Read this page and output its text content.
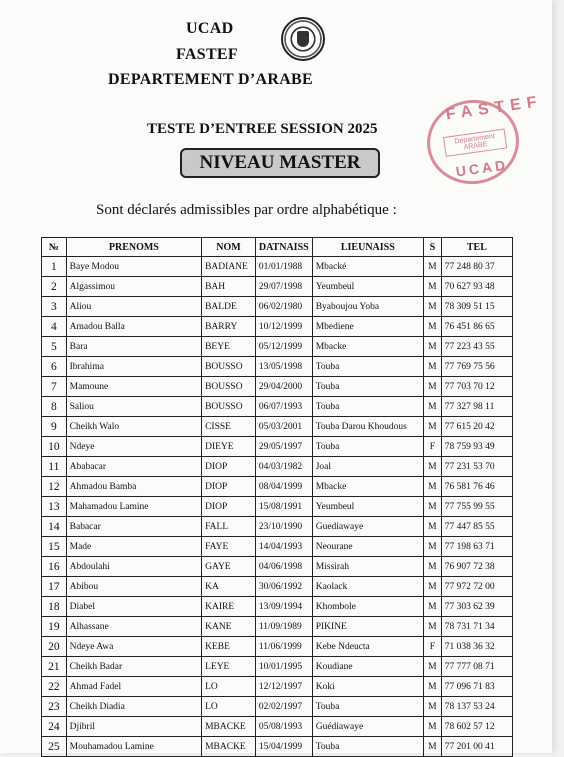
UCAD
FASTEF
DEPARTEMENT D’ARABE
TESTE D’ENTREE SESSION 2025
NIVEAU MASTER
FASTEF
Département ARABE
UCAD
Sont déclarés admissibles par ordre alphabétique :
№	PRENOMS	NOM	DATNAISS	LIEUNAISS	S	TEL
1	Baye Modou	BADIANE	01/01/1988	Mbacké	M	77 248 80 37
2	Algassimou	BAH	29/07/1998	Yeumbeul	M	70 627 93 48
3	Aliou	BALDE	06/02/1980	Byaboujou Yoba	M	78 309 51 15
4	Amadou Balla	BARRY	10/12/1999	Mbediene	M	76 451 86 65
5	Bara	BEYE	05/12/1999	Mbacke	M	77 223 43 55
6	Ibrahima	BOUSSO	13/05/1998	Touba	M	77 769 75 56
7	Mamoune	BOUSSO	29/04/2000	Touba	M	77 703 70 12
8	Saliou	BOUSSO	06/07/1993	Touba	M	77 327 98 11
9	Cheikh Walo	CISSE	05/03/2001	Touba Darou Khoudous	M	77 615 20 42
10	Ndeye	DIEYE	29/05/1997	Touba	F	78 759 93 49
11	Ababacar	DIOP	04/03/1982	Joal	M	77 231 53 70
12	Ahmadou Bamba	DIOP	08/04/1999	Mbacke	M	76 581 76 46
13	Mahamadou Lamine	DIOP	15/08/1991	Yeumbeul	M	77 755 99 55
14	Babacar	FALL	23/10/1990	Guediawaye	M	77 447 85 55
15	Made	FAYE	14/04/1993	Neourane	M	77 198 63 71
16	Abdoulahi	GAYE	04/06/1998	Missirah	M	76 907 72 38
17	Abibou	KA	30/06/1992	Kaolack	M	77 972 72 00
18	Diabel	KAIRE	13/09/1994	Khombole	M	77 303 62 39
19	Alhassane	KANE	11/09/1989	PIKINE	M	78 731 71 34
20	Ndeye Awa	KEBE	11/06/1999	Kebe Ndeucta	F	71 038 36 32
21	Cheikh Badar	LEYE	10/01/1995	Koudiane	M	77 777 08 71
22	Ahmad Fadel	LO	12/12/1997	Koki	M	77 096 71 83
23	Cheikh Diadia	LO	02/02/1997	Touba	M	78 137 53 24
24	Djibril	MBACKE	05/08/1993	Guédiawaye	M	78 602 57 12
25	Mouhamadou Lamine	MBACKE	15/04/1999	Touba	M	77 201 00 41
